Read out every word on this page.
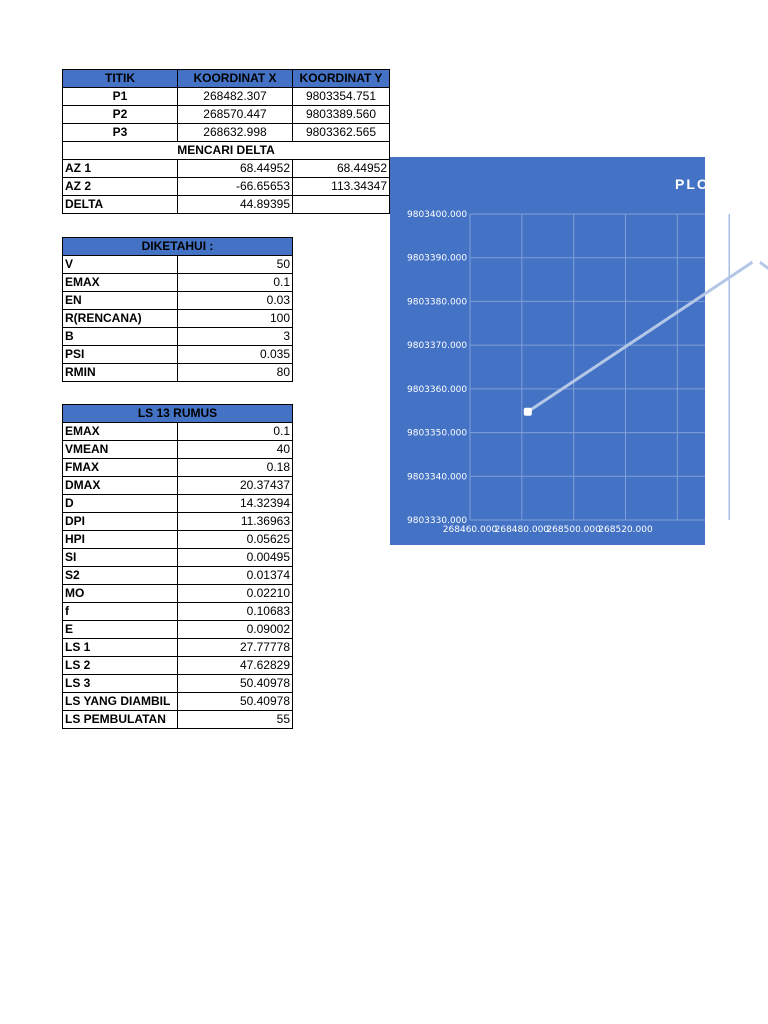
TITIK	KOORDINAT X	KOORDINAT Y
P1	268482.307	9803354.751
P2	268570.447	9803389.560
P3	268632.998	9803362.565
MENCARI DELTA		
AZ 1	68.44952	68.44952
AZ 2	-66.65653	113.34347
DELTA	44.89395	
DIKETAHUI :	
V	50
EMAX	0.1
EN	0.03
R(RENCANA)	100
B	3
PSI	0.035
RMIN	80
LS 13 RUMUS	
EMAX	0.1
VMEAN	40
FMAX	0.18
DMAX	20.37437
D	14.32394
DPI	11.36963
HPI	0.05625
SI	0.00495
S2	0.01374
MO	0.02210
f	0.10683
E	0.09002
LS 1	27.77778
LS 2	47.62829
LS 3	50.40978
LS YANG DIAMBIL	50.40978
LS PEMBULATAN	55
9803400.000
9803390.000
9803380.000
9803370.000
9803360.000
9803350.000
9803340.000
9803330.000
268460.000
268480.000
268500.000
268520.000
PLO
